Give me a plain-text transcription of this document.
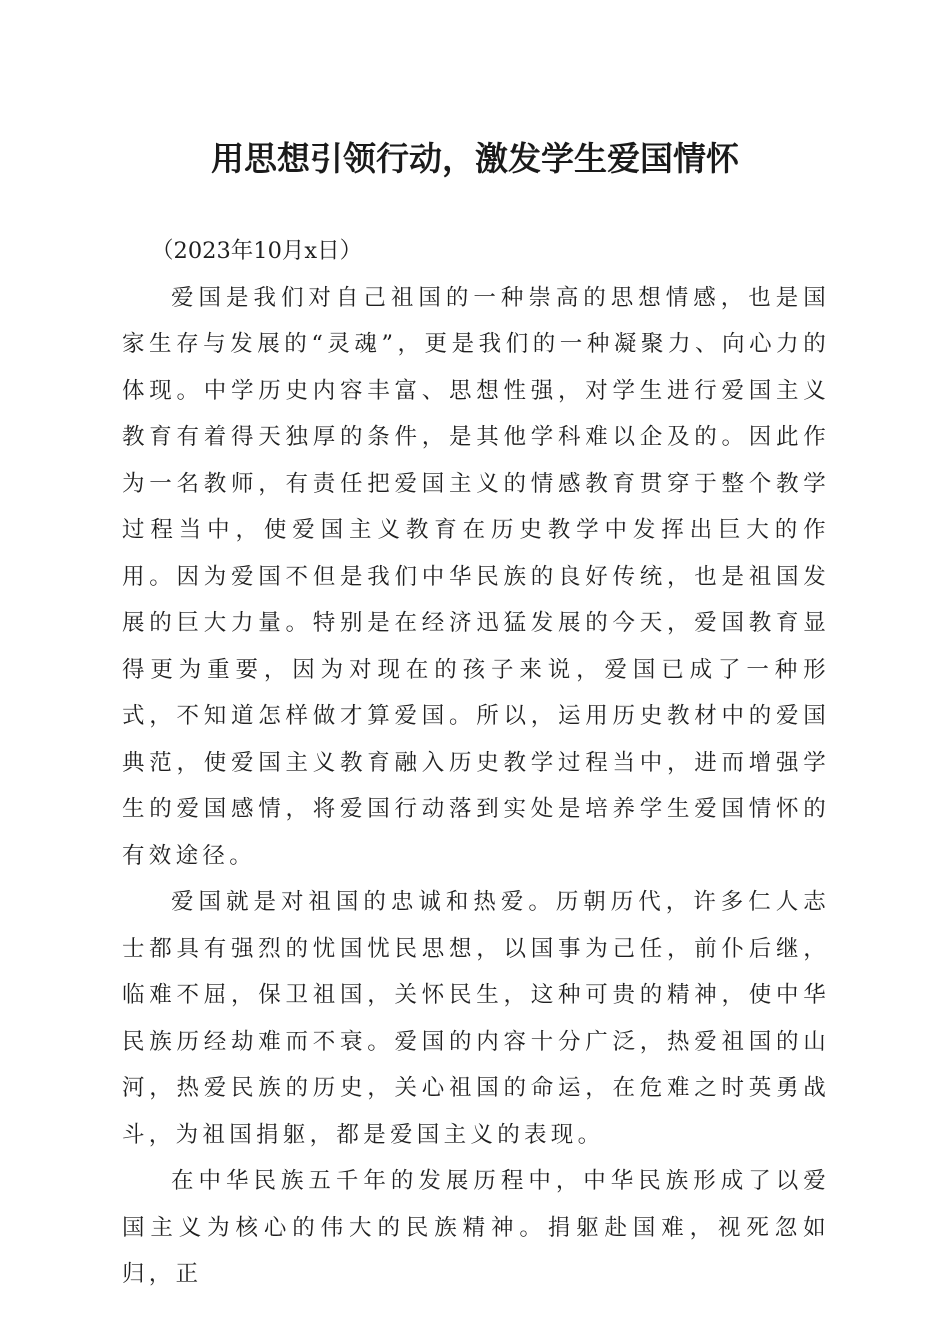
用思想引领行动，激发学生爱国情怀

（2023年10月x日）

爱国是我们对自己祖国的一种崇高的思想情感，也是国家生存与发展的“灵魂”，更是我们的一种凝聚力、向心力的体现。中学历史内容丰富、思想性强，对学生进行爱国主义教育有着得天独厚的条件，是其他学科难以企及的。因此作为一名教师，有责任把爱国主义的情感教育贯穿于整个教学过程当中，使爱国主义教育在历史教学中发挥出巨大的作用。因为爱国不但是我们中华民族的良好传统，也是祖国发展的巨大力量。特别是在经济迅猛发展的今天，爱国教育显得更为重要，因为对现在的孩子来说，爱国已成了一种形式，不知道怎样做才算爱国。所以，运用历史教材中的爱国典范，使爱国主义教育融入历史教学过程当中，进而增强学生的爱国感情，将爱国行动落到实处是培养学生爱国情怀的有效途径。

爱国就是对祖国的忠诚和热爱。历朝历代，许多仁人志士都具有强烈的忧国忧民思想，以国事为己任，前仆后继，临难不屈，保卫祖国，关怀民生，这种可贵的精神，使中华民族历经劫难而不衰。爱国的内容十分广泛，热爱祖国的山河，热爱民族的历史，关心祖国的命运，在危难之时英勇战斗，为祖国捐躯，都是爱国主义的表现。

在中华民族五千年的发展历程中，中华民族形成了以爱国主义为核心的伟大的民族精神。捐躯赴国难，视死忽如归，正
